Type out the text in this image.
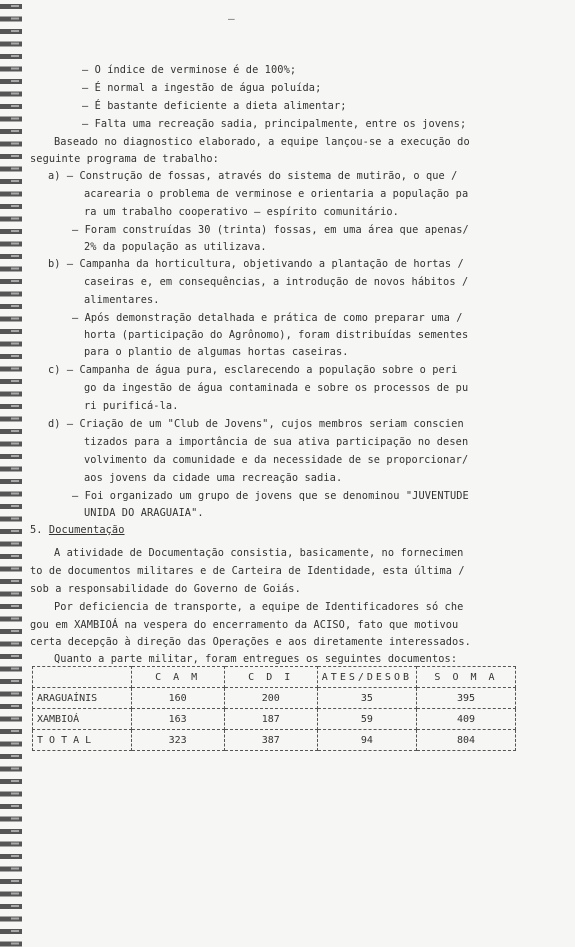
–
– O índice de verminose é de 100%;
– É normal a ingestão de água poluída;
– É bastante deficiente a dieta alimentar;
– Falta uma recreação sadia, principalmente, entre os jovens;
Baseado no diagnostico elaborado, a equipe lançou-se a execução do
seguinte programa de trabalho:
a) – Construção de fossas, através do sistema de mutirão, o que /
acarearia o problema de verminose e orientaria a população pa
ra um trabalho cooperativo – espírito comunitário.
– Foram construídas 30 (trinta) fossas, em uma área que apenas/
2% da população as utilizava.
b) – Campanha da horticultura, objetivando a plantação de hortas /
caseiras e, em consequências, a introdução de novos hábitos /
alimentares.
– Após demonstração detalhada e prática de como preparar uma /
horta (participação do Agrônomo), foram distribuídas sementes
para o plantio de algumas hortas caseiras.
c) – Campanha de água pura, esclarecendo a população sobre o peri
go da ingestão de água contaminada e sobre os processos de pu
ri purificá-la.
d) – Criação de um "Club de Jovens", cujos membros seriam conscien
tizados para a importância de sua ativa participação no desen
volvimento da comunidade e da necessidade de se proporcionar/
aos jovens da cidade uma recreação sadia.
– Foi organizado um grupo de jovens que se denominou "JUVENTUDE
UNIDA DO ARAGUAIA".
5. Documentação
A atividade de Documentação consistia, basicamente, no fornecimen
to de documentos militares e de Carteira de Identidade, esta última /
sob a responsabilidade do Governo de Goiás.
Por deficiencia de transporte, a equipe de Identificadores só che
gou em XAMBIOÁ na vespera do encerramento da ACISO, fato que motivou
certa decepção à direção das Operações e aos diretamente interessados.
Quanto a parte militar, foram entregues os seguintes documentos:
	C A M	C D I	ATES/DESOB	S O M A
ARAGUAÍNIS	160	200	35	395
XAMBIOÁ	163	187	59	409
T O T A L	323	387	94	804
